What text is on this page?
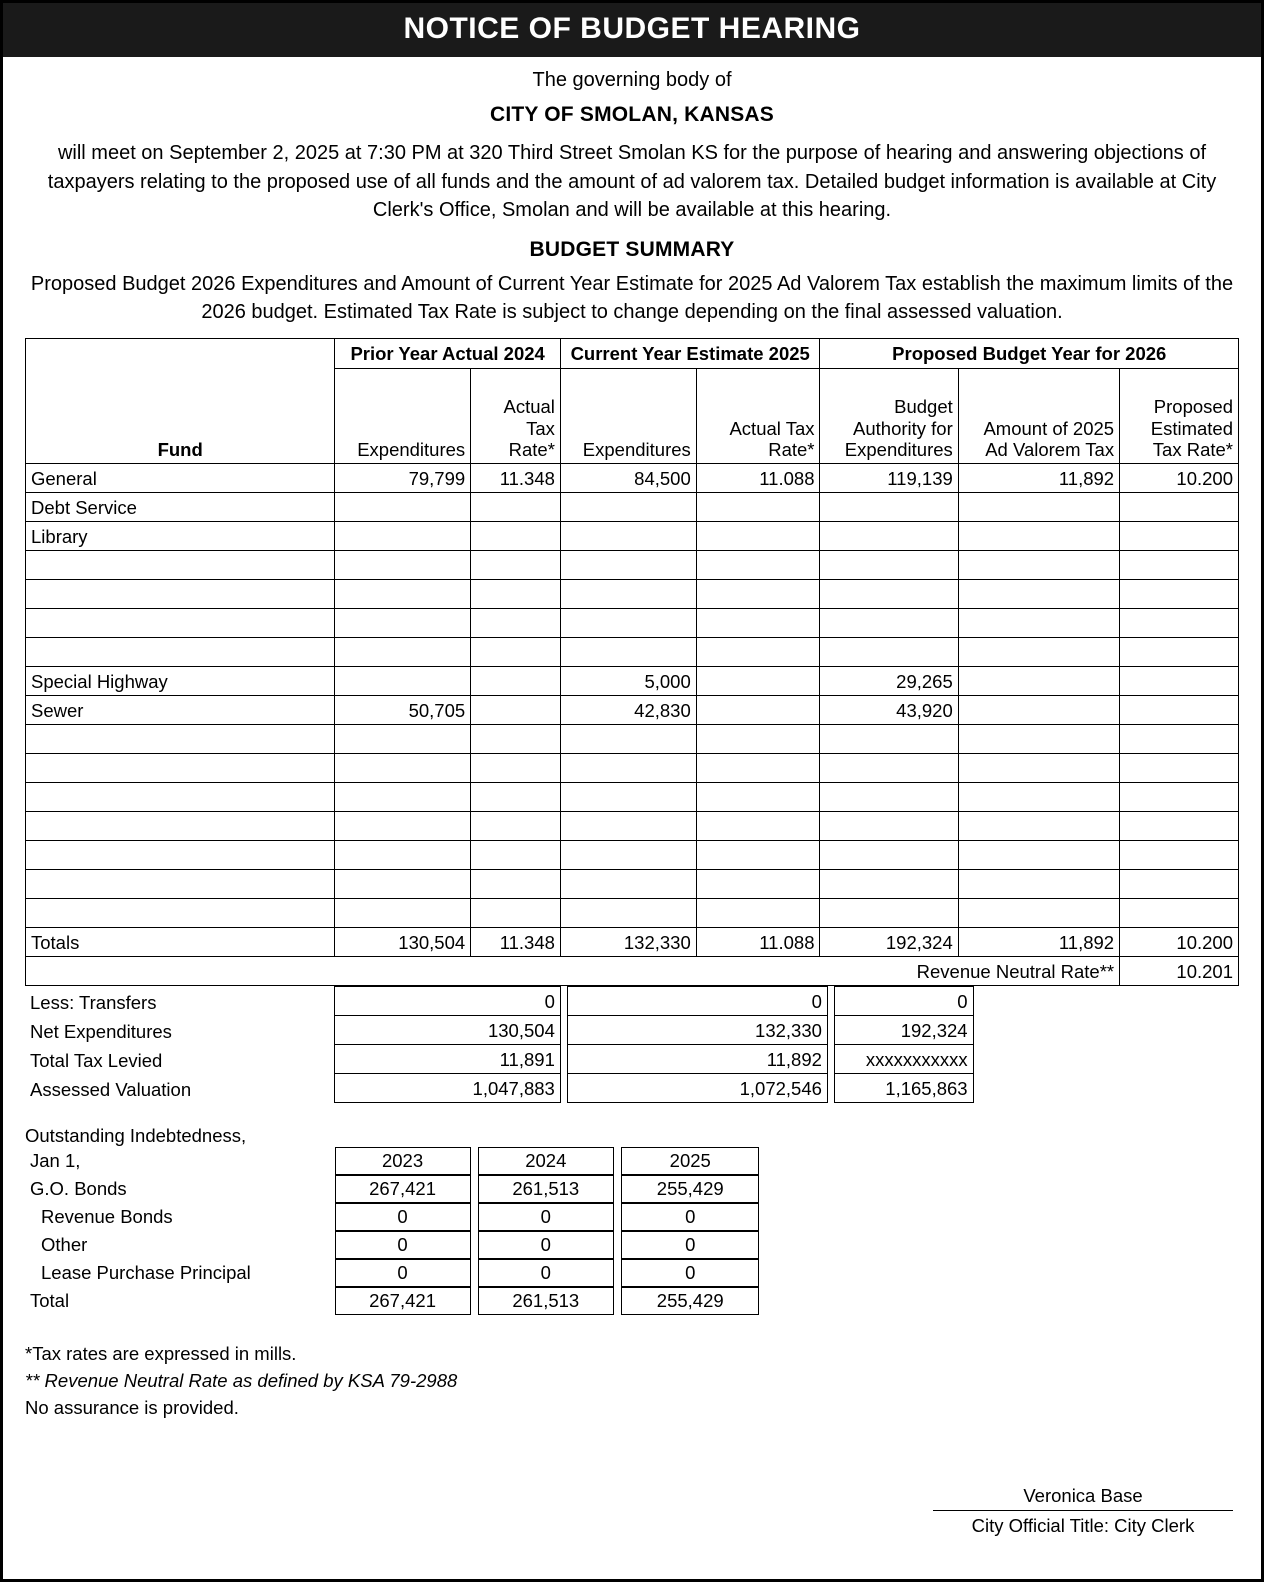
NOTICE OF BUDGET HEARING
The governing body of
CITY OF SMOLAN, KANSAS
will meet on September 2, 2025 at 7:30 PM at 320 Third Street Smolan KS for the purpose of hearing and answering objections of taxpayers relating to the proposed use of all funds and the amount of ad valorem tax. Detailed budget information is available at City Clerk's Office, Smolan and will be available at this hearing.
BUDGET SUMMARY
Proposed Budget 2026 Expenditures and Amount of Current Year Estimate for 2025 Ad Valorem Tax establish the maximum limits of the 2026 budget. Estimated Tax Rate is subject to change depending on the final assessed valuation.
Fund	Prior Year Actual 2024		Current Year Estimate 2025		Proposed Budget Year for 2026		
	Expenditures	Actual Tax Rate*	Expenditures	Actual Tax Rate*	Budget Authority for Expenditures	Amount of 2025 Ad Valorem Tax	Proposed Estimated Tax Rate*
General	79,799	11.348	84,500	11.088	119,139	11,892	10.200
Debt Service							
Library							

Special Highway			5,000		29,265		
Sewer	50,705		42,830		43,920		

Totals	130,504	11.348	132,330	11.088	192,324	11,892	10.200
Revenue Neutral Rate**							10.201
Less: Transfers	0		0		0	
Net Expenditures	130,504		132,330		192,324	
Total Tax Levied	11,891		11,892		xxxxxxxxxxx	
Assessed Valuation	1,047,883		1,072,546		1,165,863	
Outstanding Indebtedness,
Jan 1,	2023		2024		2025	
G.O. Bonds	267,421		261,513		255,429	
Revenue Bonds	0		0		0	
Other	0		0		0	
Lease Purchase Principal	0		0		0	
Total	267,421		261,513		255,429	
*Tax rates are expressed in mills.
** Revenue Neutral Rate as defined by KSA 79-2988
No assurance is provided.
Veronica Base
City Official Title: City Clerk
